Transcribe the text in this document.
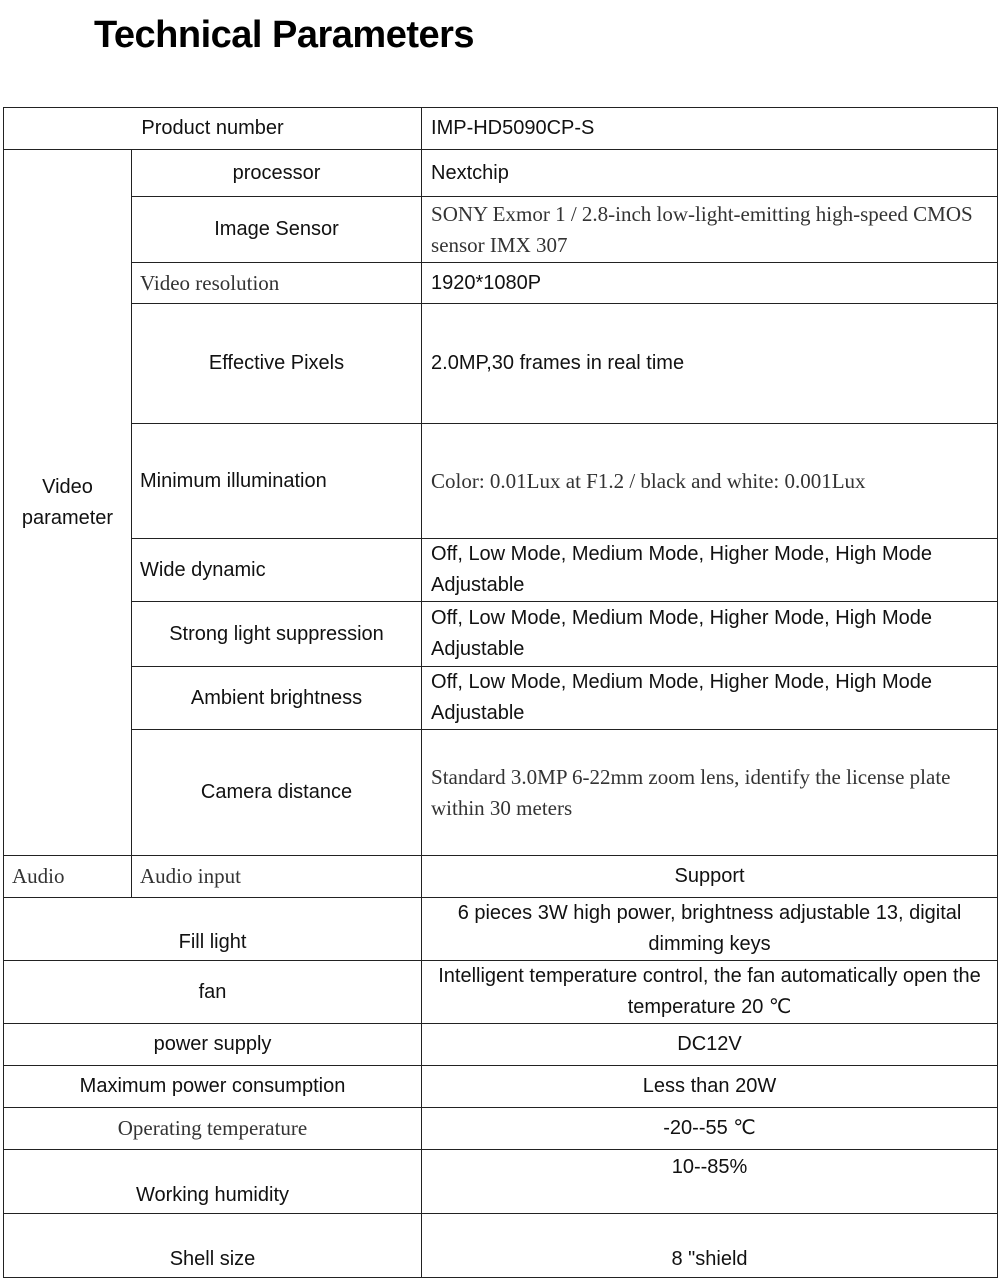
Technical Parameters
Product number		IMP-HD5090CP-S
Video parameter	processor	Nextchip
	Image Sensor	SONY Exmor 1 / 2.8-inch low-light-emitting high-speed CMOS sensor IMX 307
	Video resolution	1920*1080P
	Effective Pixels	2.0MP,30 frames in real time
	Minimum illumination	Color: 0.01Lux at F1.2 / black and white: 0.001Lux
	Wide dynamic	Off, Low Mode, Medium Mode, Higher Mode, High Mode Adjustable
	Strong light suppression	Off, Low Mode, Medium Mode, Higher Mode, High Mode Adjustable
	Ambient brightness	Off, Low Mode, Medium Mode, Higher Mode, High Mode Adjustable
	Camera distance	Standard 3.0MP 6-22mm zoom lens, identify the license plate within 30 meters
Audio	Audio input	Support
Fill light		6 pieces 3W high power, brightness adjustable 13, digital dimming keys
fan		Intelligent temperature control, the fan automatically open the temperature 20 ℃
power supply		DC12V
Maximum power consumption		Less than 20W
Operating temperature		-20--55 ℃
Working humidity		10--85%
Shell size		8 "shield
